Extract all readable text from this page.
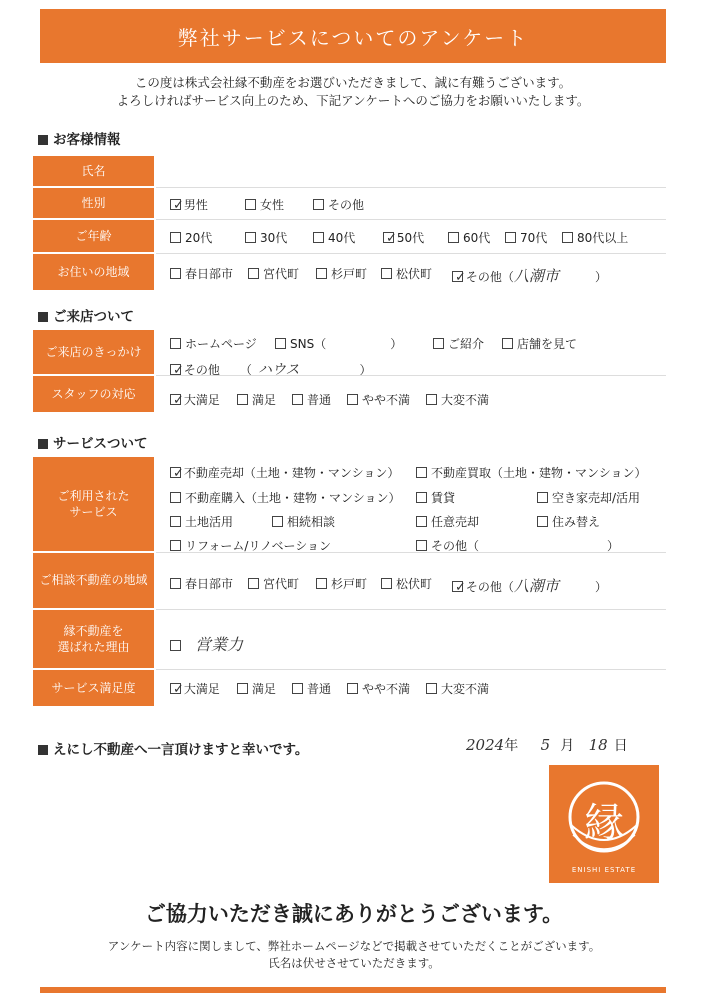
弊社サービスについてのアンケート
この度は株式会社縁不動産をお選びいただきまして、誠に有難うございます。
よろしければサービス向上のため、下記アンケートへのご協力をお願いいたします。
お客様情報
氏名
性別	✓男性	女性	その他
ご年齢	20代	30代	40代 ✓50代	60代	70代	80代以上
お住いの地域	春日部市	宮代町	杉戸町	松伏町 ✓その他（八潮市	）
ご来店ついて
ご来店のきっかけ
ホームページ	SNS（	）	ご紹介	店舗を見て
✓その他 （ ハウス	）
スタッフの対応	✓大満足	満足	普通	やや不満	大変不満
サービスついて
ご利用された
サービス
✓不動産売却（土地・建物・マンション）	不動産買取（土地・建物・マンション）
不動産購入（土地・建物・マンション）	賃貸	空き家売却/活用
土地活用	相続相談	任意売却	住み替え
リフォーム/リノベーション	その他（	）
ご相談不動産の地域	春日部市	宮代町	杉戸町	松伏町 ✓その他（八潮市	）
縁不動産を
選ばれた理由	営業力
サービス満足度	✓大満足	満足	普通	やや不満	大変不満
えにし不動産へ一言頂けますと幸いです。	2024年 5 月 18 日
縁
ENISHI ESTATE
ご協力いただき誠にありがとうございます。
アンケート内容に関しまして、弊社ホームページなどで掲載させていただくことがございます。
氏名は伏せさせていただきます。
